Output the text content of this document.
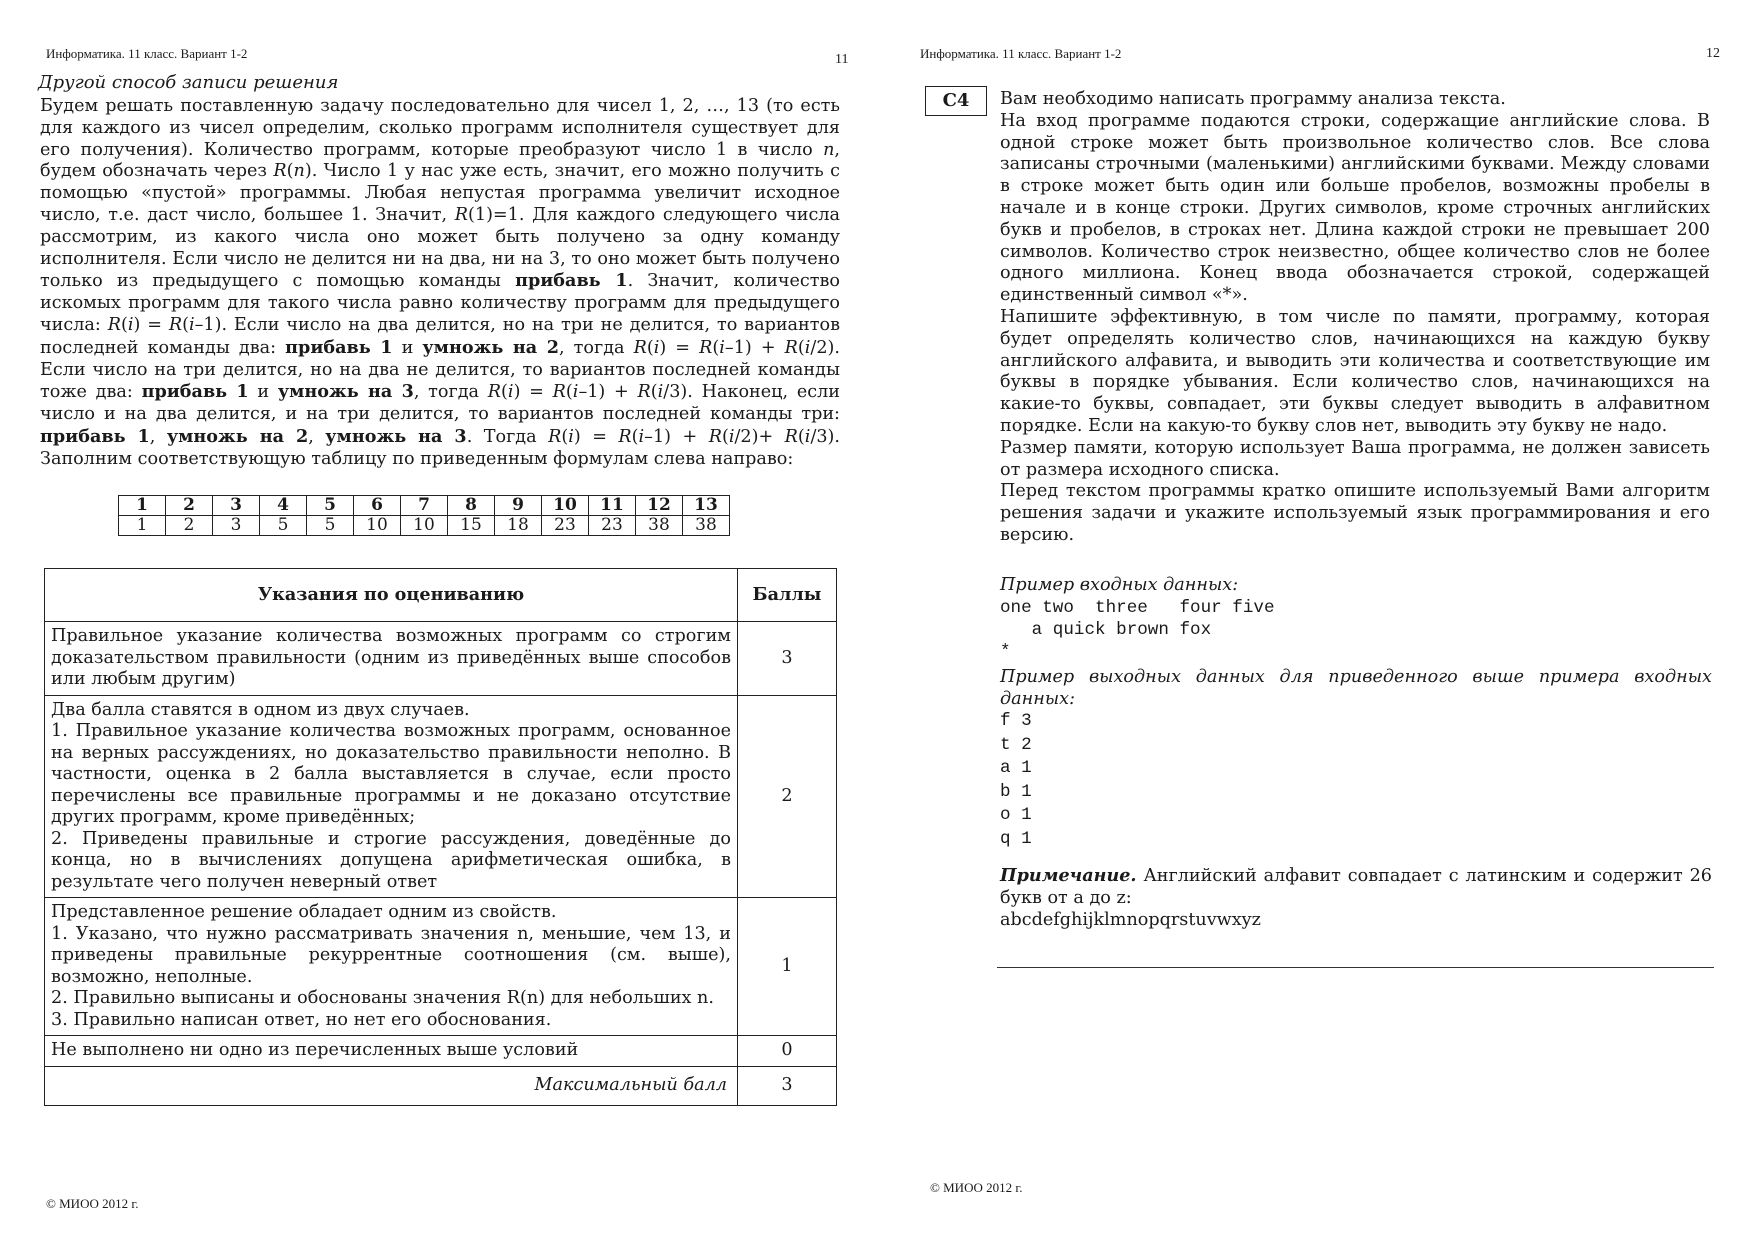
Информатика. 11 класс. Вариант 1-2	11
Другой способ записи решения
Будем решать поставленную задачу последовательно для чисел 1, 2, …, 13 (то есть для каждого из чисел определим, сколько программ исполнителя существует для его получения). Количество программ, которые преобразуют число 1 в число n, будем обозначать через R(n). Число 1 у нас уже есть, значит, его можно получить с помощью «пустой» программы. Любая непустая программа увеличит исходное число, т.е. даст число, большее 1. Значит, R(1)=1. Для каждого следующего числа рассмотрим, из какого числа оно может быть получено за одну команду исполнителя. Если число не делится ни на два, ни на 3, то оно может быть получено только из предыдущего с помощью команды прибавь 1. Значит, количество искомых программ для такого числа равно количеству программ для предыдущего числа: R(i) = R(i–1). Если число на два делится, но на три не делится, то вариантов последней команды два: прибавь 1 и умножь на 2, тогда R(i) = R(i–1) + R(i/2). Если число на три делится, но на два не делится, то вариантов последней команды тоже два: прибавь 1 и умножь на 3, тогда R(i) = R(i–1) + R(i/3). Наконец, если число и на два делится, и на три делится, то вариантов последней команды три: прибавь 1, умножь на 2, умножь на 3. Тогда R(i) = R(i–1) + R(i/2)+ R(i/3). Заполним соответствующую таблицу по приведенным формулам слева направо:
1	2	3	4	5	6	7	8	9	10	11	12	13
1	2	3	5	5	10	10	15	18	23	23	38	38
Указания по оцениванию	Баллы

Правильное указание количества возможных программ со строгим доказательством правильности (одним из приведённых выше способов или любым другим)	3

Два балла ставятся в одном из двух случаев.
1. Правильное указание количества возможных программ, основанное на верных рассуждениях, но доказательство правильности неполно. В частности, оценка в 2 балла выставляется в случае, если просто перечислены все правильные программы и не доказано отсутствие других программ, кроме приведённых;
2. Приведены правильные и строгие рассуждения, доведённые до конца, но в вычислениях допущена арифметическая ошибка, в результате чего получен неверный ответ	2

Представленное решение обладает одним из свойств.
1. Указано, что нужно рассматривать значения n, меньшие, чем 13, и приведены правильные рекуррентные соотношения (см. выше), возможно, неполные.
2. Правильно выписаны и обоснованы значения R(n) для небольших n.
3. Правильно написан ответ, но нет его обоснования.	1

Не выполнено ни одно из перечисленных выше условий	0
Максимальный балл	3
© МИОО 2012 г.
Информатика. 11 класс. Вариант 1-2	12
© МИОО 2012 г.
С4	Вам необходимо написать программу анализа текста.

На вход программе подаются строки, содержащие английские слова. В одной строке может быть произвольное количество слов. Все слова записаны строчными (маленькими) английскими буквами. Между словами в строке может быть один или больше пробелов, возможны пробелы в начале и в конце строки. Других символов, кроме строчных английских букв и пробелов, в строках нет. Длина каждой строки не превышает 200 символов. Количество строк неизвестно, общее количество слов не более одного миллиона. Конец ввода обозначается строкой, содержащей единственный символ «*».

Напишите эффективную, в том числе по памяти, программу, которая будет определять количество слов, начинающихся на каждую букву английского алфавита, и выводить эти количества и соответствующие им буквы в порядке убывания. Если количество слов, начинающихся на какие-то буквы, совпадает, эти буквы следует выводить в алфавитном порядке. Если на какую-то букву слов нет, выводить эту букву не надо.

Размер памяти, которую использует Ваша программа, не должен зависеть от размера исходного списка.

Перед текстом программы кратко опишите используемый Вами алгоритм решения задачи и укажите используемый язык программирования и его версию.

Пример входных данных:
one two  three   four five
a quick brown fox
*
Пример выходных данных для приведенного выше примера входных данных:
f 3
t 2
a 1
b 1
o 1
q 1
Примечание. Английский алфавит совпадает с латинским и содержит 26 букв от a до z:
abcdefghijklmnopqrstuvwxyz
